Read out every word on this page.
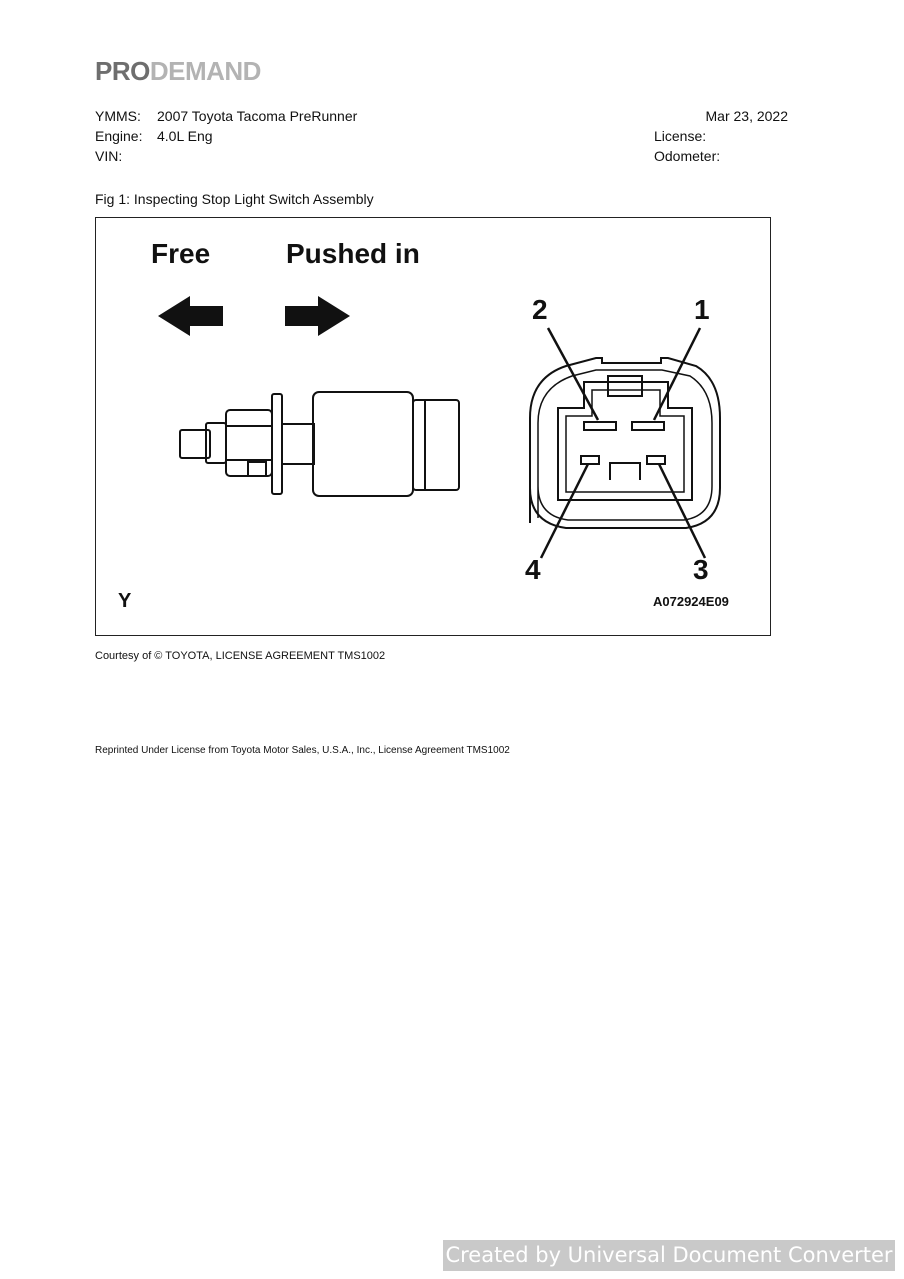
PRODEMAND
YMMS: 2007 Toyota Tacoma PreRunner
Engine: 4.0L Eng
VIN:
Mar 23, 2022
License:
Odometer:
Fig 1: Inspecting Stop Light Switch Assembly
Free	Pushed in
2	1
4	3
Y	A072924E09
Courtesy of © TOYOTA, LICENSE AGREEMENT TMS1002
Reprinted Under License from Toyota Motor Sales, U.S.A., Inc., License Agreement TMS1002
Created by Universal Document Converter
